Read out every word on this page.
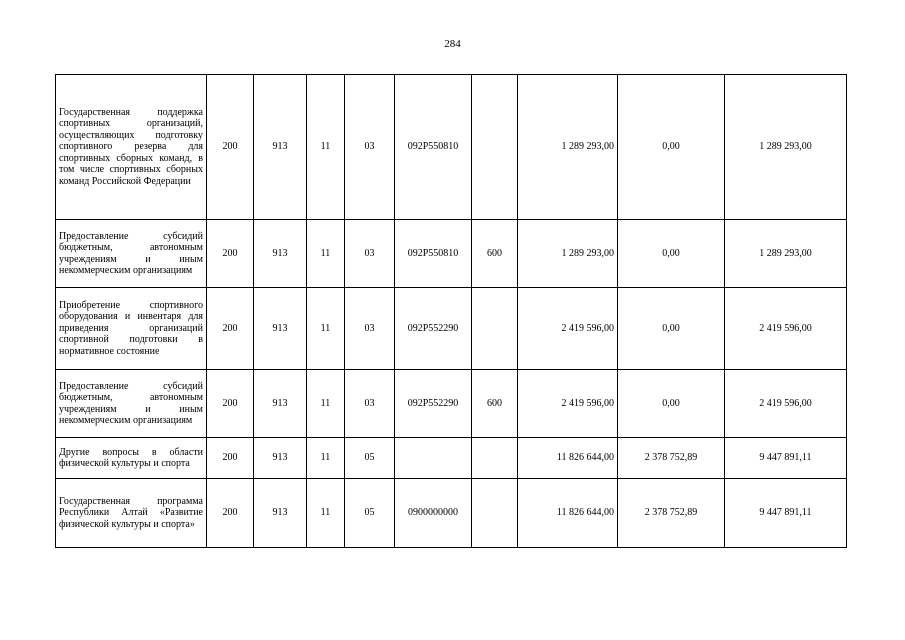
284
Государственная поддержка спортивных организаций, осуществляющих подготовку спортивного резерва для спортивных сборных команд, в том числе спортивных сборных команд Российской Федерации	200	913	11	03	092P550810		1 289 293,00	0,00	1 289 293,00
Предоставление субсидий бюджетным, автономным учреждениям и иным некоммерческим организациям	200	913	11	03	092P550810	600	1 289 293,00	0,00	1 289 293,00
Приобретение спортивного оборудования и инвентаря для приведения организаций спортивной подготовки в нормативное состояние	200	913	11	03	092P552290		2 419 596,00	0,00	2 419 596,00
Предоставление субсидий бюджетным, автономным учреждениям и иным некоммерческим организациям	200	913	11	03	092P552290	600	2 419 596,00	0,00	2 419 596,00
Другие вопросы в области физической культуры и спорта	200	913	11	05			11 826 644,00	2 378 752,89	9 447 891,11
Государственная программа Республики Алтай «Развитие физической культуры и спорта»	200	913	11	05	0900000000		11 826 644,00	2 378 752,89	9 447 891,11
